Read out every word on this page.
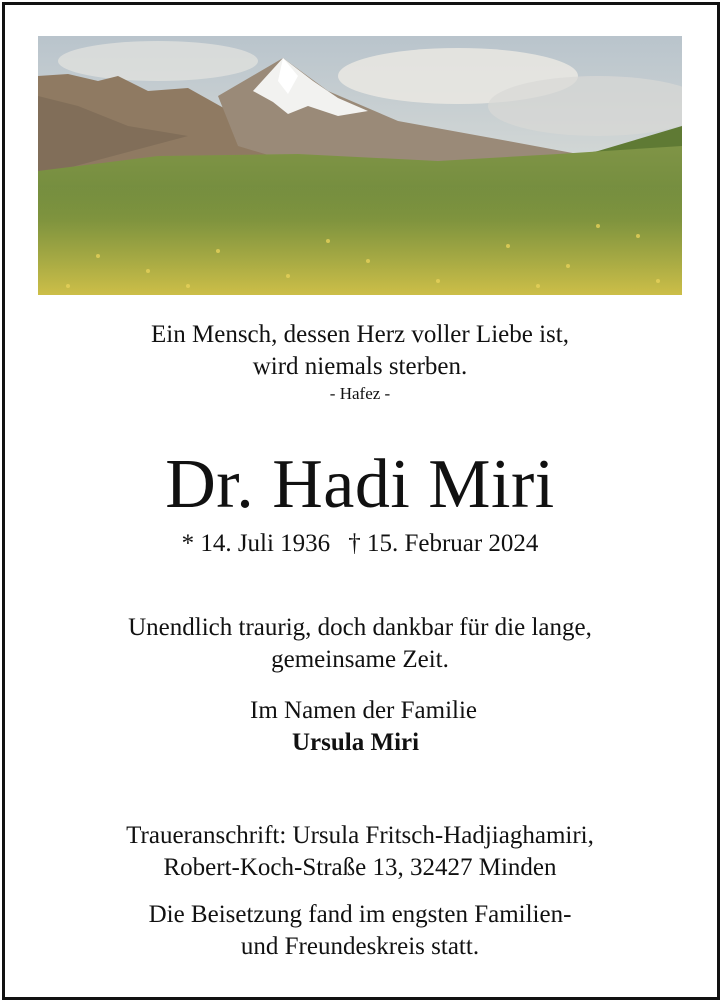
Ein Mensch, dessen Herz voller Liebe ist,
wird niemals sterben.
- Hafez -
Dr. Hadi Miri
* 14. Juli 1936 † 15. Februar 2024
Unendlich traurig, doch dankbar für die lange,
gemeinsame Zeit.
Im Namen der Familie
Ursula Miri
Traueranschrift: Ursula Fritsch-Hadjiaghamiri,
Robert-Koch-Straße 13, 32427 Minden
Die Beisetzung fand im engsten Familien-
und Freundeskreis statt.
